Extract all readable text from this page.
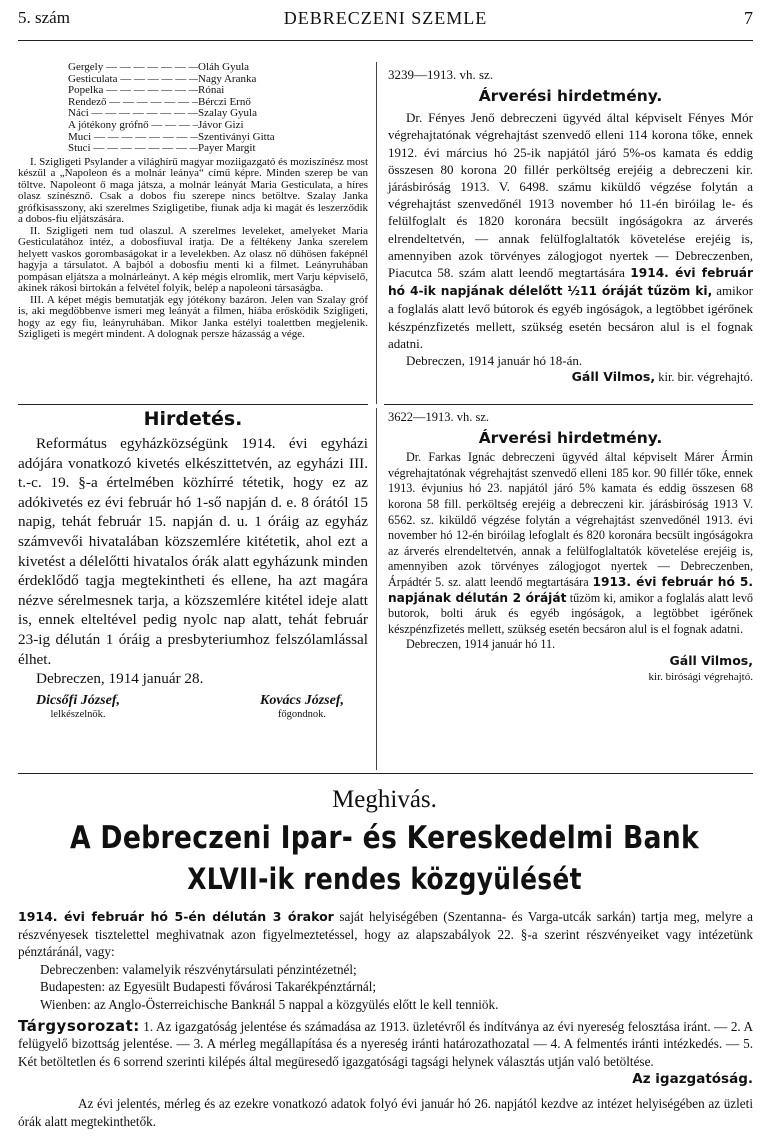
5. szám	DEBRECZENI SZEMLE	7
Gergely — — —	Oláh Gyula
Gesticulata — — —	Nagy Aranka
Popelka — — —	Rónai
Rendező — — —	Bérczi Ernő
Náci — — —	Szalay Gyula
A jótékony grófnő — — —	Jávor Gizi
Muci — — —	Szentiványi Gitta
Stuci — — —	Payer Margit

I. Szigligeti Psylander a világhírű magyar moziigazgató és moziszínész most készül a „Napoleon és a molnár leánya“ című képre. Minden szerep be van töltve. Napoleont ő maga játsza, a molnár leányát Maria Gesticulata, a híres olasz színésznő. Csak a dobos fiu szerepe nincs betöltve. Szalay Janka grófkisasszony, aki szerelmes Szigligetibe, fiunak adja ki magát és leszerződik a dobos-fiu eljátszására.

II. Szigligeti nem tud olaszul. A szerelmes leveleket, amelyeket Maria Gesticulatához intéz, a dobosfiuval iratja. De a féltékeny Janka szerelem helyett vaskos gorombaságokat ir a levelekben. Az olasz nő dühösen faképnél hagyja a társulatot. A bajból a dobosfiu menti ki a filmet. Leányruhában pompásan eljátsza a molnárleányt. A kép mégis elromlik, mert Varju képviselő, akinek rákosi birtokán a felvétel folyik, belép a napoleoni társaságba.

III. A képet mégis bemutatják egy jótékony bazáron. Jelen van Szalay gróf is, aki megdöbbenve ismeri meg leányát a filmen, hiába erősködik Szigligeti, hogy az egy fiu, leányruhában. Mikor Janka estélyi toalettben megjelenik. Szigligeti is megért mindent. A dolognak persze házasság a vége.

Hirdetés.

Református egyházközségünk 1914. évi egyházi adójára vonatkozó kivetés elkészittetvén, az egyházi III. t.-c. 19. §-a értelmében közhírré tétetik, hogy ez az adókivetés ez évi február hó 1-ső napján d. e. 8 órától 15 napig, tehát február 15. napján d. u. 1 óráig az egyház számvevői hivatalában közszemlére kitétetik, ahol ezt a kivetést a délelőtti hivatalos órák alatt egyházunk minden érdeklődő tagja megtekintheti és ellene, ha azt magára nézve sérelmesnek tarja, a közszemlére kitétel ideje alatt is, ennek elteltével pedig nyolc nap alatt, tehát február 23-ig délután 1 óráig a presbyteriumhoz felszólamlással élhet.

Debreczen, 1914 január 28.

Dicsőfi József,
lelkészelnök.
Kovács József,
főgondnok.
3239—1913. vh. sz.
Árverési hirdetmény.

Dr. Fényes Jenő debreczeni ügyvéd által képviselt Fényes Mór végrehajtatónak végrehajtást szenvedő elleni 114 korona tőke, ennek 1912. évi március hó 25-ik napjától járó 5%-os kamata és eddig összesen 80 korona 20 fillér perköltség erejéig a debreczeni kir. járásbiróság 1913. V. 6498. számu kiküldő végzése folytán a végrehajtást szenvedőnél 1913 november hó 11-én biróilag le- és felülfoglalt és 1820 koronára becsült ingóságokra az árverés elrendeltetvén, — annak felülfoglaltatók követelése erejéig is, amennyiben azok törvényes zálogjogot nyertek — Debreczenben, Piacutca 58. szám alatt leendő megtartására 1914. évi február hó 4-ik napjának délelőtt ½11 óráját tűzöm ki, amikor a foglalás alatt levő bútorok és egyéb ingóságok, a legtöbbet igérőnek készpénzfizetés mellett, szükség esetén becsáron alul is el fognak adatni.

Debreczen, 1914 január hó 18-án.

Gáll Vilmos, kir. bir. végrehajtó.
3622—1913. vh. sz.
Árverési hirdetmény.

Dr. Farkas Ignác debreczeni ügyvéd által képviselt Márer Ármin végrehajtatónak végrehajtást szenvedő elleni 185 kor. 90 fillér tőke, ennek 1913. évjunius hó 23. napjától járó 5% kamata és eddig összesen 68 korona 58 fill. perköltség erejéig a debreczeni kir. járásbiróság 1913 V. 6562. sz. kiküldő végzése folytán a végrehajtást szenvedőnél 1913. évi november hó 12-én biróilag lefoglalt és 820 koronára becsült ingóságokra az árverés elrendeltetvén, annak a felülfoglaltatók követelése erejéig is, amennyiben azok törvényes zálogjogot nyertek — Debreczenben, Árpádtér 5. sz. alatt leendő megtartására 1913. évi február hó 5. napjának délután 2 óráját tűzöm ki, amikor a foglalás alatt levő butorok, bolti áruk és egyéb ingóságok, a legtöbbet igérőnek készpénzfizetés mellett, szükség esetén becsáron alul is el fognak adatni.

Debreczen, 1914 január hó 11.

Gáll Vilmos,
kir. birósági végrehajtó.
Meghivás.
A Debreczeni Ipar- és Kereskedelmi Bank
XLVII-ik rendes közgyülését

1914. évi február hó 5-én délután 3 órakor saját helyiségében (Szentanna- és Varga-utcák sarkán) tartja meg, melyre a részvényesek tisztelettel meghivatnak azon figyelmeztetéssel, hogy az alapszabályok 22. §-a szerint részvényeiket vagy intézetünk pénztáránál, vagy:

Debreczenben: valamelyik részvénytársulati pénzintézetnél;

Budapesten: az Egyesült Budapesti fővárosi Takarékpénztárnál;

Wienben: az Anglo-Österreichische Bankнál 5 nappal a közgyülés előtt le kell tenniök.

Tárgysorozat: 1. Az igazgatóság jelentése és számadása az 1913. üzletévről és indítványa az évi nyereség felosztása iránt. — 2. A felügyelő bizottság jelentése. — 3. A mérleg megállapítása és a nyereség iránti határozathozatal — 4. A felmentés iránti intézkedés. — 5. Két betöltetlen és 6 sorrend szerinti kilépés által megüresedő igazgatósági tagsági helynek választás utján való betöltése.

Az igazgatóság.

Az évi jelentés, mérleg és az ezekre vonatkozó adatok folyó évi január hó 26. napjától kezdve az intézet helyiségében az üzleti órák alatt megtekinthetők.
